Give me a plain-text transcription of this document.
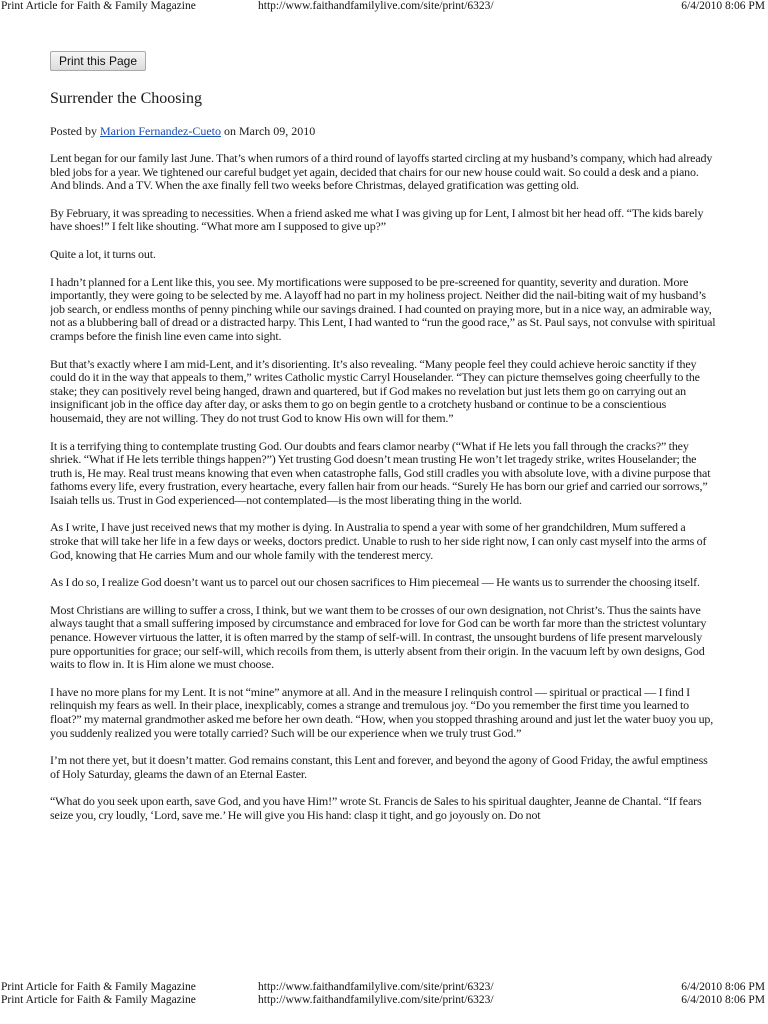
Print Article for Faith & Family Magazine	http://www.faithandfamilylive.com/site/print/6323/	6/4/2010 8:06 PM
Print this Page
Surrender the Choosing
Posted by Marion Fernandez-Cueto on March 09, 2010

Lent began for our family last June. That’s when rumors of a third round of layoffs started circling at my husband’s company, which had already bled jobs for a year. We tightened our careful budget yet again, decided that chairs for our new house could wait. So could a desk and a piano. And blinds. And a TV. When the axe finally fell two weeks before Christmas, delayed gratification was getting old.

By February, it was spreading to necessities. When a friend asked me what I was giving up for Lent, I almost bit her head off. “The kids barely have shoes!” I felt like shouting. “What more am I supposed to give up?”

Quite a lot, it turns out.

I hadn’t planned for a Lent like this, you see. My mortifications were supposed to be pre-screened for quantity, severity and duration. More importantly, they were going to be selected by me. A layoff had no part in my holiness project. Neither did the nail-biting wait of my husband’s job search, or endless months of penny pinching while our savings drained. I had counted on praying more, but in a nice way, an admirable way, not as a blubbering ball of dread or a distracted harpy. This Lent, I had wanted to “run the good race,” as St. Paul says, not convulse with spiritual cramps before the finish line even came into sight.

But that’s exactly where I am mid-Lent, and it’s disorienting. It’s also revealing. “Many people feel they could achieve heroic sanctity if they could do it in the way that appeals to them,” writes Catholic mystic Carryl Houselander. “They can picture themselves going cheerfully to the stake; they can positively revel being hanged, drawn and quartered, but if God makes no revelation but just lets them go on carrying out an insignificant job in the office day after day, or asks them to go on begin gentle to a crotchety husband or continue to be a conscientious housemaid, they are not willing. They do not trust God to know His own will for them.”

It is a terrifying thing to contemplate trusting God. Our doubts and fears clamor nearby (“What if He lets you fall through the cracks?” they shriek. “What if He lets terrible things happen?”) Yet trusting God doesn’t mean trusting He won’t let tragedy strike, writes Houselander; the truth is, He may. Real trust means knowing that even when catastrophe falls, God still cradles you with absolute love, with a divine purpose that fathoms every life, every frustration, every heartache, every fallen hair from our heads. “Surely He has born our grief and carried our sorrows,” Isaiah tells us. Trust in God experienced—not contemplated—is the most liberating thing in the world.

As I write, I have just received news that my mother is dying. In Australia to spend a year with some of her grandchildren, Mum suffered a stroke that will take her life in a few days or weeks, doctors predict. Unable to rush to her side right now, I can only cast myself into the arms of God, knowing that He carries Mum and our whole family with the tenderest mercy.

As I do so, I realize God doesn’t want us to parcel out our chosen sacrifices to Him piecemeal — He wants us to surrender the choosing itself.

Most Christians are willing to suffer a cross, I think, but we want them to be crosses of our own designation, not Christ’s. Thus the saints have always taught that a small suffering imposed by circumstance and embraced for love for God can be worth far more than the strictest voluntary penance. However virtuous the latter, it is often marred by the stamp of self-will. In contrast, the unsought burdens of life present marvelously pure opportunities for grace; our self-will, which recoils from them, is utterly absent from their origin. In the vacuum left by own designs, God waits to flow in. It is Him alone we must choose.

I have no more plans for my Lent. It is not “mine” anymore at all. And in the measure I relinquish control — spiritual or practical — I find I relinquish my fears as well. In their place, inexplicably, comes a strange and tremulous joy. “Do you remember the first time you learned to float?” my maternal grandmother asked me before her own death. “How, when you stopped thrashing around and just let the water buoy you up, you suddenly realized you were totally carried? Such will be our experience when we truly trust God.”

I’m not there yet, but it doesn’t matter. God remains constant, this Lent and forever, and beyond the agony of Good Friday, the awful emptiness of Holy Saturday, gleams the dawn of an Eternal Easter.

“What do you seek upon earth, save God, and you have Him!” wrote St. Francis de Sales to his spiritual daughter, Jeanne de Chantal. “If fears seize you, cry loudly, ‘Lord, save me.’ He will give you His hand: clasp it tight, and go joyously on. Do not

Print Article for Faith & Family Magazine	http://www.faithandfamilylive.com/site/print/6323/	6/4/2010 8:06 PM
Print Article for Faith & Family Magazine	http://www.faithandfamilylive.com/site/print/6323/	6/4/2010 8:06 PM
